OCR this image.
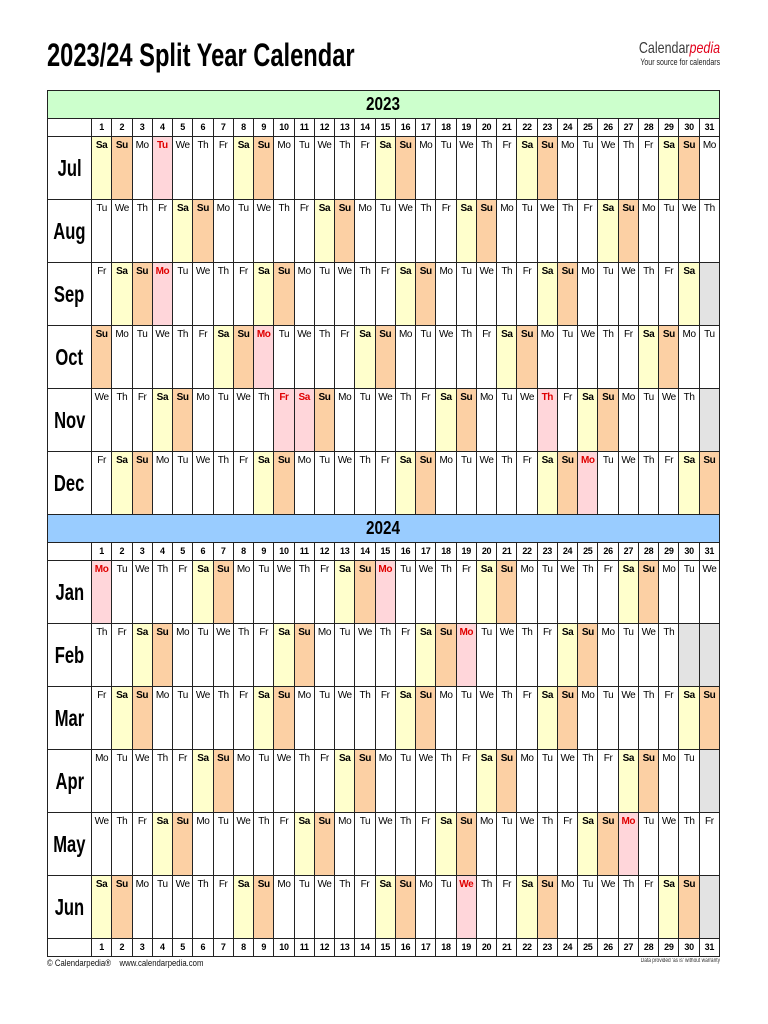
2023/24 Split Year Calendar	Calendarpedia
Your source for calendars
2023
1	2	3	4	5	6	7	8	9	10	11	12	13	14	15	16	17	18	19	20	21	22	23	24	25	26	27	28	29	30	31
Jul
Sa Su Mo Tu We Th	Fr	Sa Su Mo Tu We Th	Fr	Sa Su Mo Tu We Th	Fr	Sa Su Mo Tu We Th	Fr	Sa Su Mo
Aug
Tu We Th	Fr	Sa Su Mo Tu We Th	Fr	Sa Su Mo Tu We Th	Fr	Sa Su Mo Tu We Th	Fr	Sa Su Mo Tu We Th
Sep
Fr	Sa Su Mo Tu We Th	Fr	Sa Su Mo Tu We Th	Fr	Sa Su Mo Tu We Th	Fr	Sa Su Mo Tu We Th	Fr	Sa
Oct
Su Mo Tu We Th	Fr	Sa Su Mo Tu We Th	Fr	Sa Su Mo Tu We Th	Fr	Sa Su Mo Tu We Th	Fr	Sa Su Mo Tu
Nov
We Th	Fr	Sa Su Mo Tu We Th	Fr Sa Su Mo Tu We Th	Fr	Sa Su Mo Tu We Th	Fr	Sa Su Mo Tu We Th
Dec
Fr	Sa Su Mo Tu We Th	Fr	Sa Su Mo Tu We Th	Fr	Sa Su Mo Tu We Th	Fr	Sa Su Mo Tu We Th	Fr	Sa Su
2024
1	2	3	4	5	6	7	8	9	10	11	12	13	14	15	16	17	18	19	20	21	22	23	24	25	26	27	28	29	30	31
Jan
Mo Tu We Th	Fr	Sa Su Mo Tu We Th	Fr	Sa Su Mo Tu We Th	Fr	Sa Su Mo Tu We Th	Fr	Sa Su Mo Tu We
Feb
Th	Fr	Sa Su Mo Tu We Th	Fr	Sa Su Mo Tu We Th	Fr	Sa Su Mo Tu We Th	Fr	Sa Su Mo Tu We Th
Mar
Fr	Sa Su Mo Tu We Th	Fr	Sa Su Mo Tu We Th	Fr	Sa Su Mo Tu We Th	Fr	Sa Su Mo Tu We Th	Fr	Sa Su
Apr
Mo Tu We Th	Fr	Sa Su Mo Tu We Th	Fr	Sa Su Mo Tu We Th	Fr	Sa Su Mo Tu We Th	Fr	Sa Su Mo Tu
May
We Th	Fr	Sa Su Mo Tu We Th	Fr	Sa Su Mo Tu We Th	Fr	Sa Su Mo Tu We Th	Fr	Sa Su Mo Tu We Th	Fr
Jun
Sa Su Mo Tu We Th	Fr	Sa Su Mo Tu We Th	Fr	Sa Su Mo Tu We Th	Fr	Sa Su Mo Tu We Th	Fr	Sa Su
1	2	3	4	5	6	7	8	9	10	11	12	13	14	15	16	17	18	19	20	21	22	23	24	25	26	27	28	29	30	31
© Calendarpedia® www.calendarpedia.com	Data provided 'as is' without warranty
